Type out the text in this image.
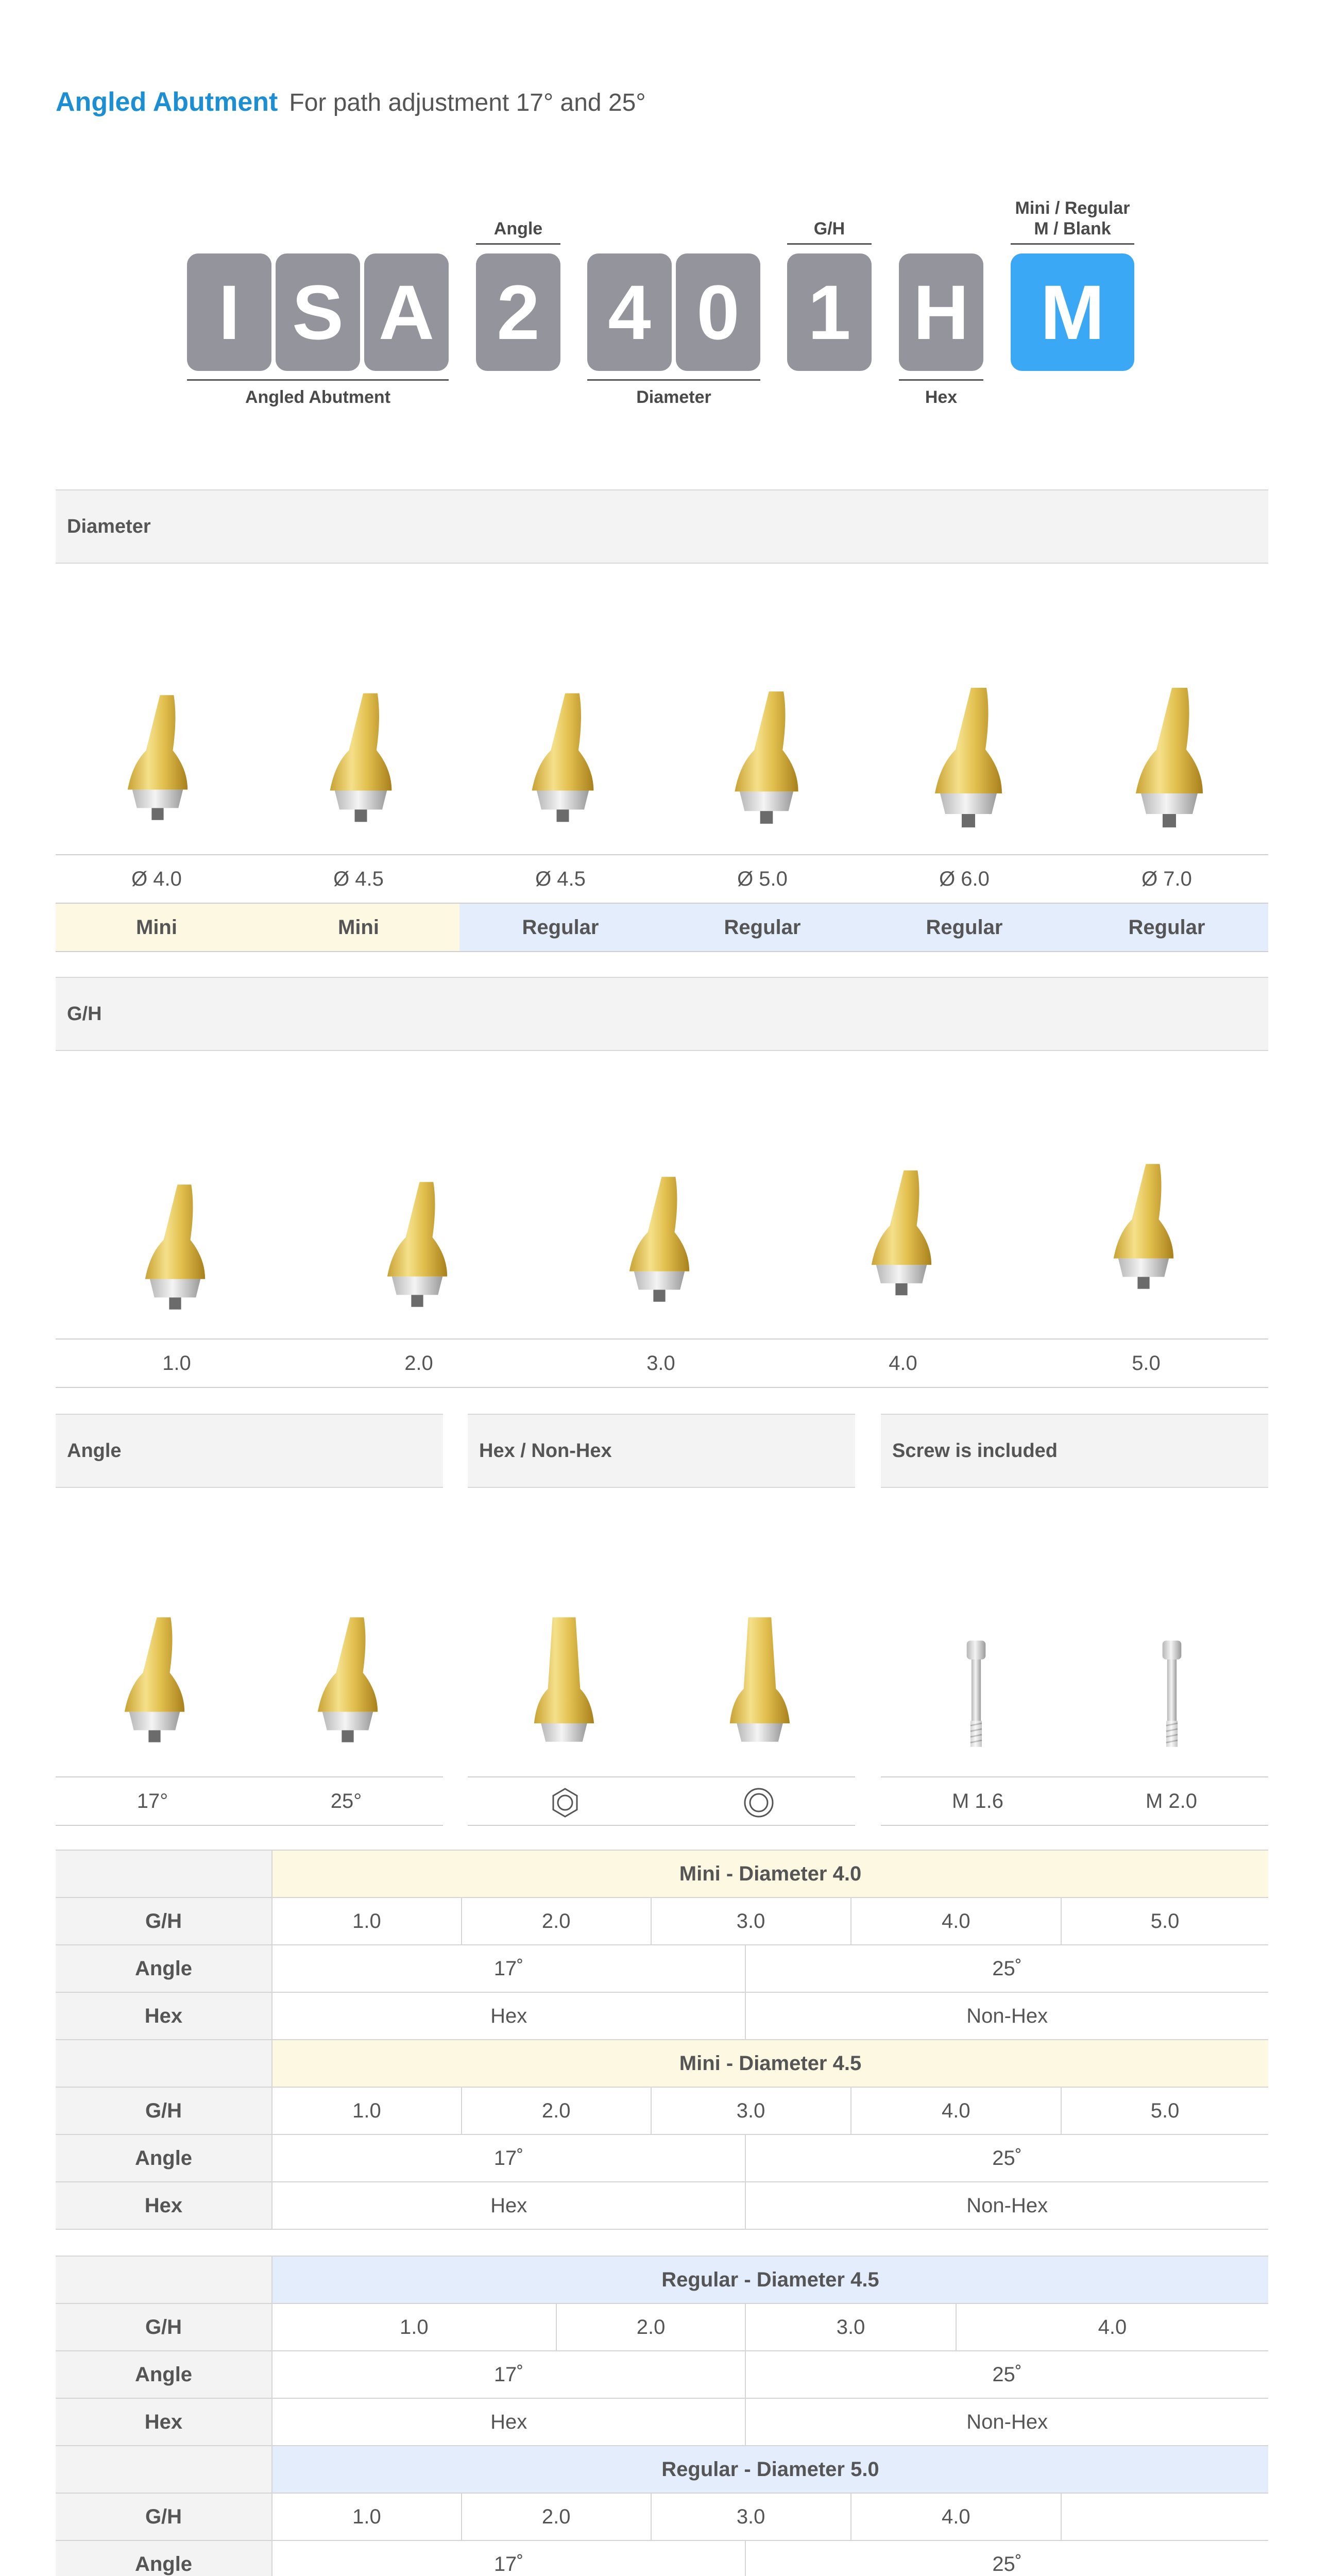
Angled Abutment For path adjustment 17° and 25°
I S A 2 4 0 1 H M
Angle	G/H
Mini / Regular
M / Blank
Angled Abutment	Diameter	Hex
Diameter
Ø 4.0	Ø 4.5	Ø 4.5	Ø 5.0	Ø 6.0	Ø 7.0
Mini	Mini	Regular	Regular	Regular	Regular
G/H
1.0	2.0	3.0	4.0	5.0
Angle	Hex / Non-Hex	Screw is included
17°	25°	M 1.6	M 2.0
	Mini - Diameter 4.0					
G/H	1.0	2.0	3.0		4.0	5.0
Angle	17˚			25˚		
Hex	Hex			Non-Hex		
	Mini - Diameter 4.5					
G/H	1.0	2.0	3.0		4.0	5.0
Angle	17˚			25˚		
Hex	Hex			Non-Hex		
	Regular - Diameter 4.5							
G/H	1.0		2.0		3.0		4.0	
Angle	17˚				25˚			
Hex	Hex				Non-Hex			
	Regular - Diameter 5.0							
G/H	1.0	2.0		3.0		4.0		
Angle	17˚				25˚			
